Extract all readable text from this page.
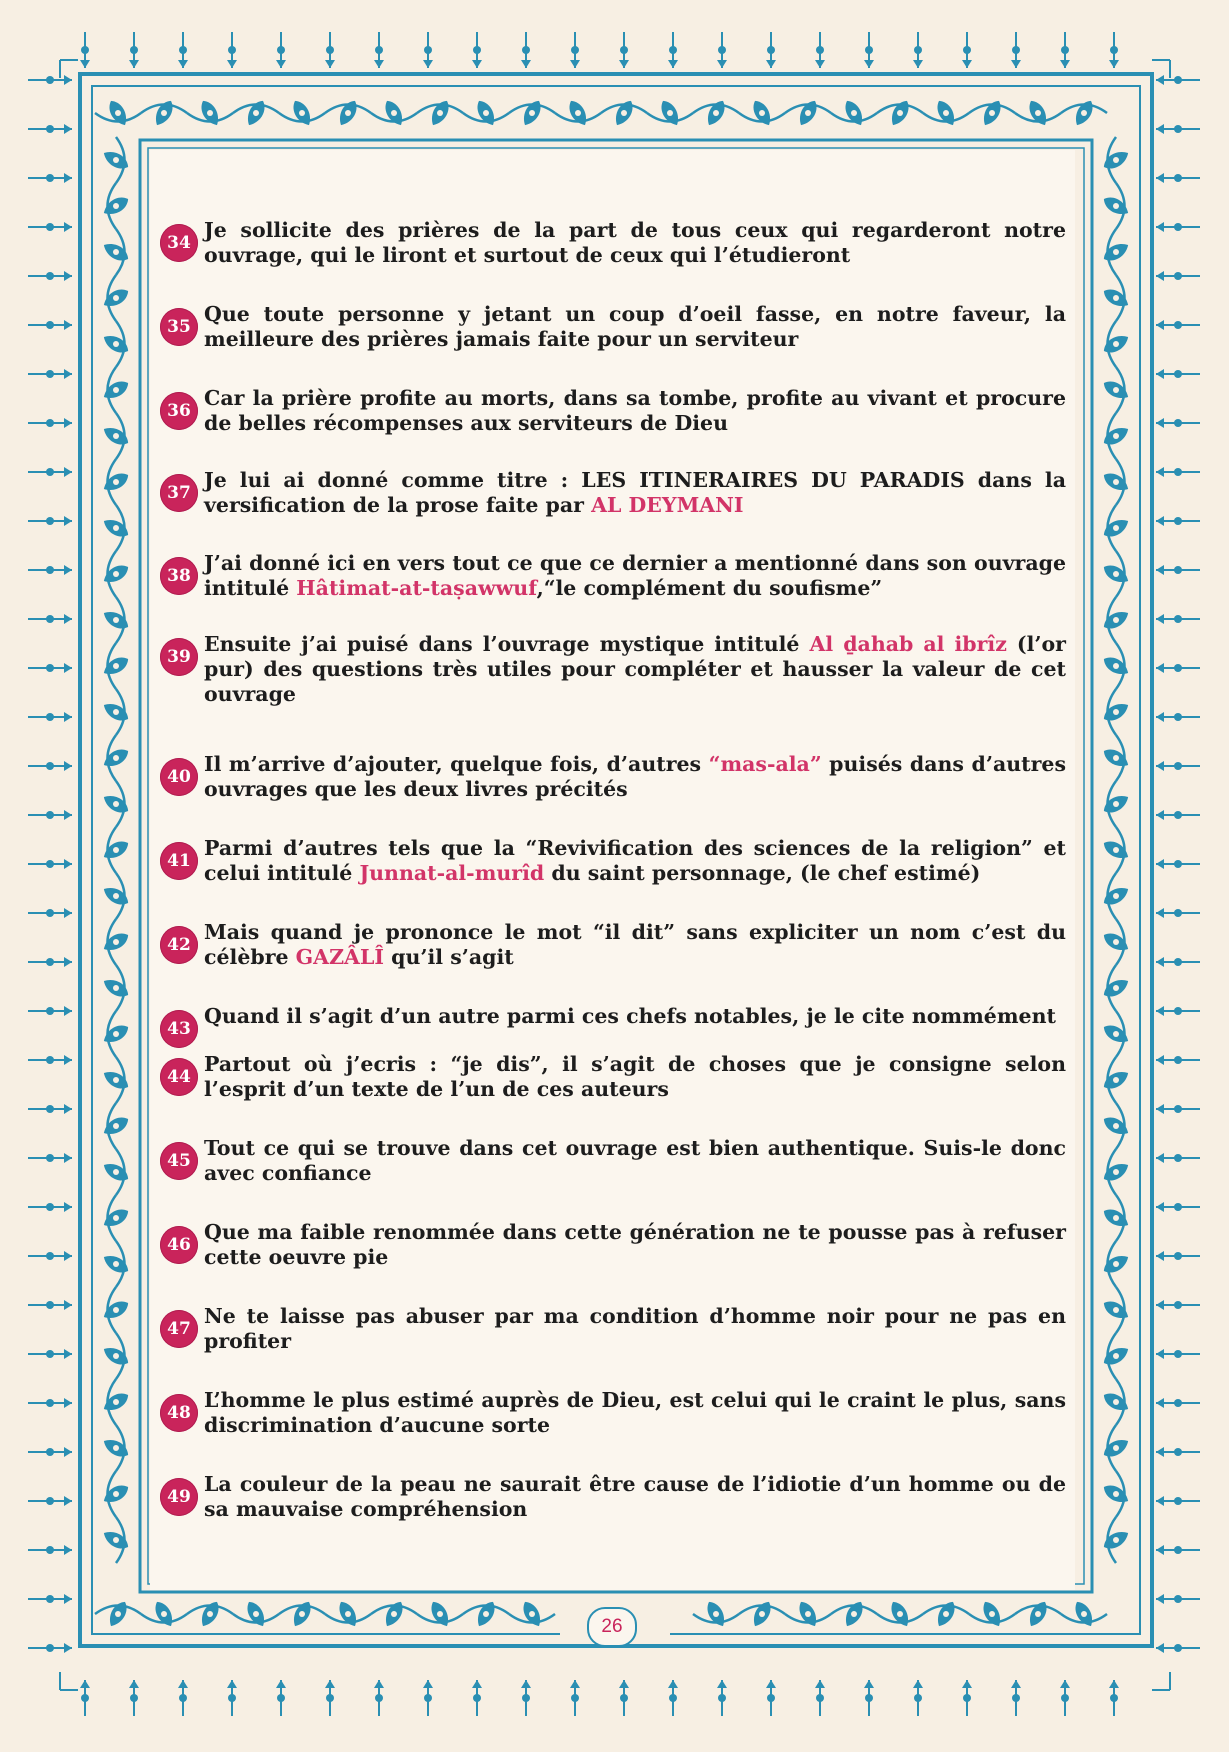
34
Je sollicite des prières de la part de tous ceux qui regarderont notre ouvrage, qui le liront et surtout de ceux qui l’étudieront
35
Que toute personne y jetant un coup d’oeil fasse, en notre faveur, la meilleure des prières jamais faite pour un serviteur
36
Car la prière profite au morts, dans sa tombe, profite au vivant et procure de belles récompenses aux serviteurs de Dieu
37
Je lui ai donné comme titre : LES ITINERAIRES DU PARADIS dans la versification de la prose faite par AL DEYMANI
38
J’ai donné ici en vers tout ce que ce dernier a mentionné dans son ouvrage intitulé Hâtimat-at-taṣawwuf,“le complément du soufisme”
39
Ensuite j’ai puisé dans l’ouvrage mystique intitulé Al ḏahab al ibrîz (l’or pur) des questions très utiles pour compléter et hausser la valeur de cet ouvrage
40
Il m’arrive d’ajouter, quelque fois, d’autres “mas-ala” puisés dans d’autres ouvrages que les deux livres précités
41
Parmi d’autres tels que la “Revivification des sciences de la religion” et celui intitulé Junnat-al-murîd du saint personnage, (le chef estimé)
42
Mais quand je prononce le mot “il dit” sans expliciter un nom c’est du célèbre GAZÂLÎ qu’il s’agit
43
Quand il s’agit d’un autre parmi ces chefs notables, je le cite nommément
44
Partout où j’ecris : “je dis”, il s’agit de choses que je consigne selon l’esprit d’un texte de l’un de ces auteurs
45
Tout ce qui se trouve dans cet ouvrage est bien authentique. Suis-le donc avec confiance
46
Que ma faible renommée dans cette génération ne te pousse pas à refuser cette oeuvre pie
47
Ne te laisse pas abuser par ma condition d’homme noir pour ne pas en profiter
48
L’homme le plus estimé auprès de Dieu, est celui qui le craint le plus, sans discrimination d’aucune sorte
49
La couleur de la peau ne saurait être cause de l’idiotie d’un homme ou de sa mauvaise compréhension
26
